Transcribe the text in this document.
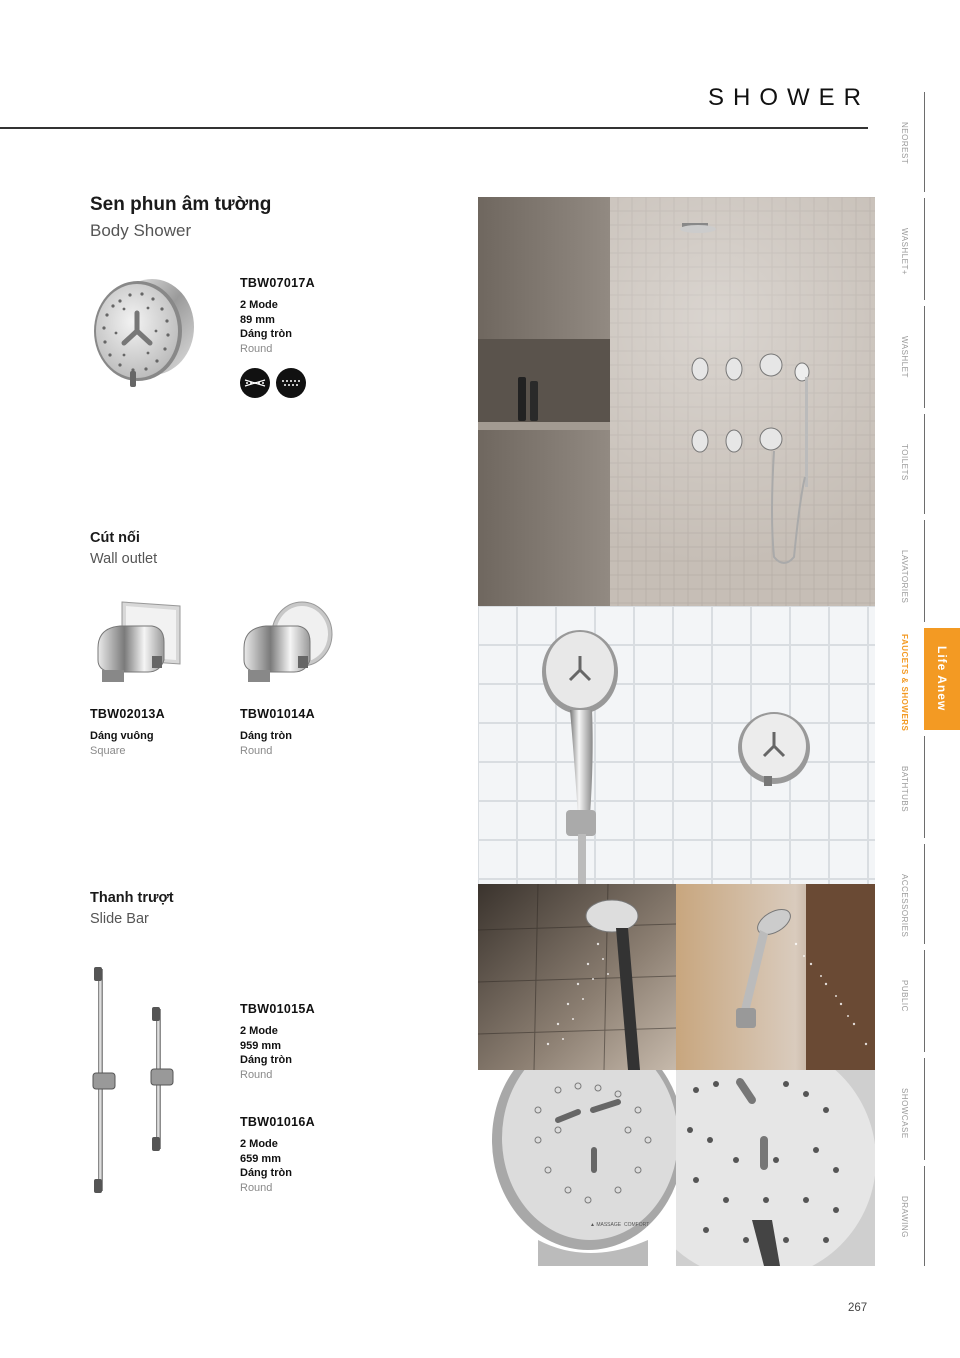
SHOWER
NEOREST
WASHLET+
WASHLET
TOILETS
LAVATORIES
FAUCETS & SHOWERS
BATHTUBS
ACCESSORIES
PUBLIC
SHOWCASE
DRAWING
Life Anew
Sen phun âm tường
Body Shower
TBW07017A
2 Mode
89 mm
Dáng tròn
Round
Cút nối
Wall outlet
TBW02013A
Dáng vuông
Square
TBW01014A
Dáng tròn
Round
Thanh trượt
Slide Bar
TBW01015A
2 Mode
959 mm
Dáng tròn
Round
TBW01016A
2 Mode
659 mm
Dáng tròn
Round
▲ MASSAGE COMFORT
267
